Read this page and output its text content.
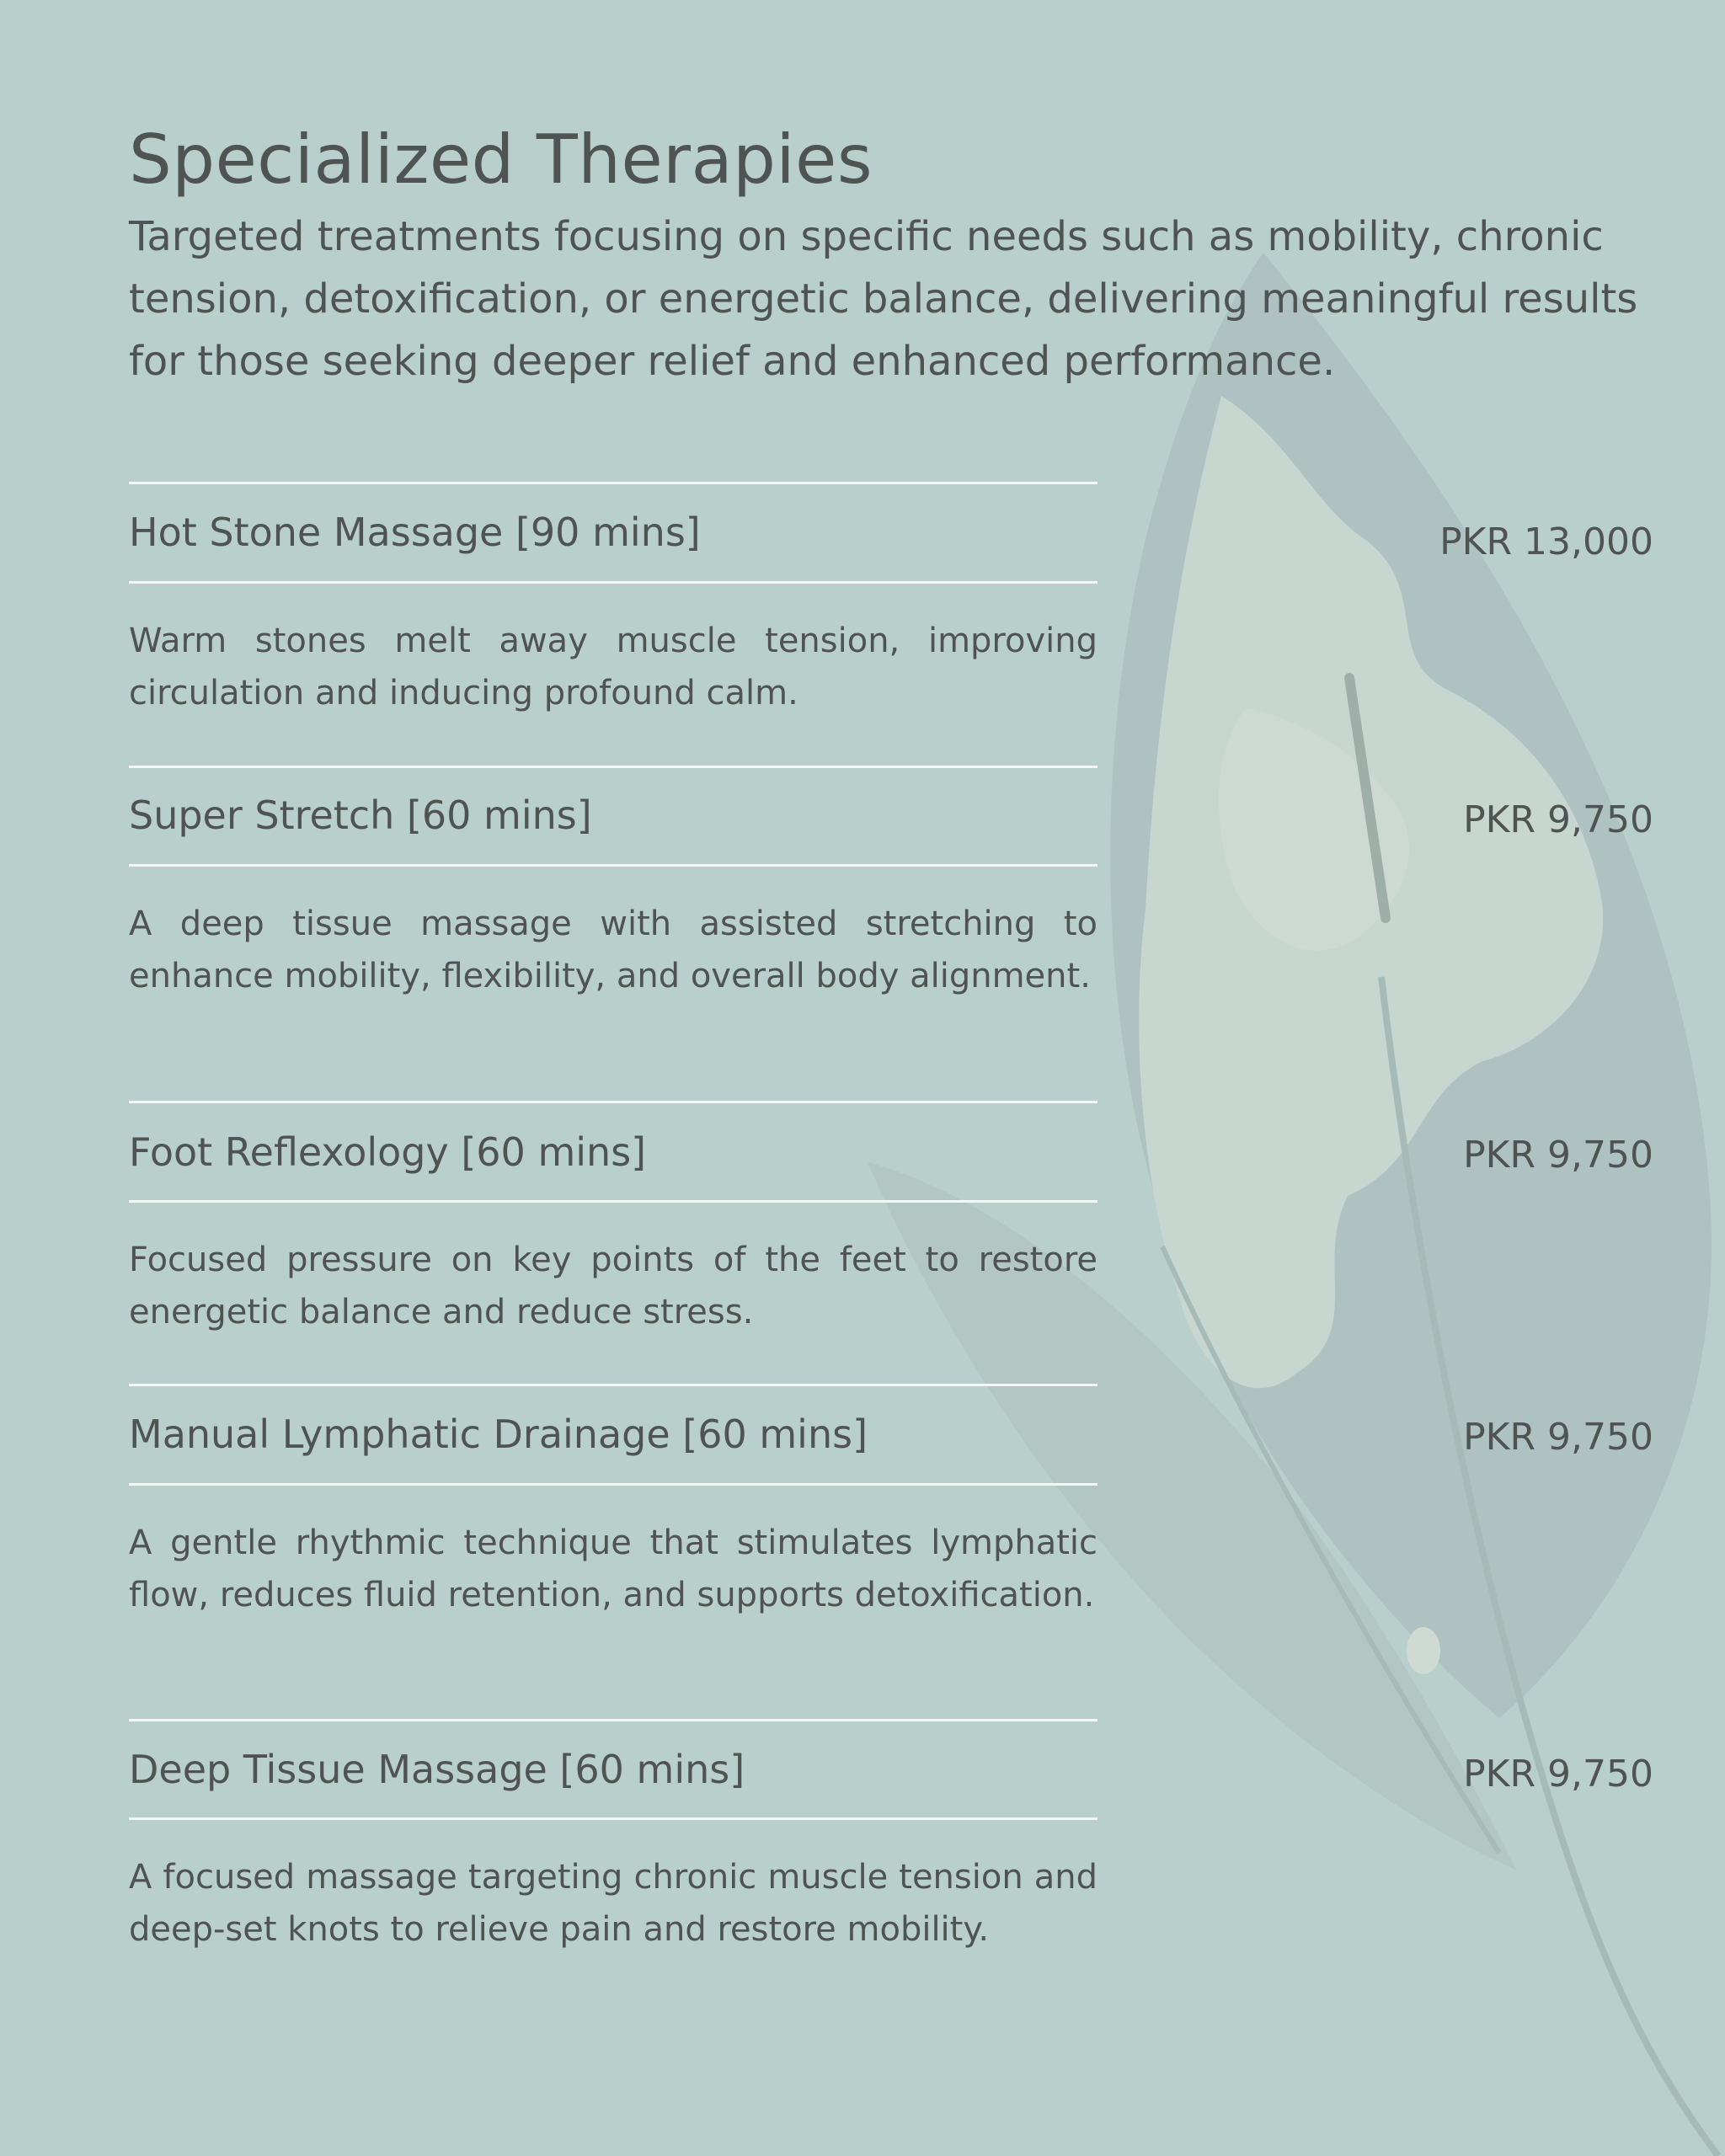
Specialized Therapies

Targeted treatments focusing on specific needs such as mobility, chronic tension, detoxification, or energetic balance, delivering meaningful results for those seeking deeper relief and enhanced performance.

Hot Stone Massage [90 mins]	PKR 13,000

Warm stones melt away muscle tension, improving circulation and inducing profound calm.

Super Stretch [60 mins]	PKR 9,750

A deep tissue massage with assisted stretching to enhance mobility, flexibility, and overall body alignment.

Foot Reflexology [60 mins]	PKR 9,750

Focused pressure on key points of the feet to restore energetic balance and reduce stress.

Manual Lymphatic Drainage [60 mins]	PKR 9,750

A gentle rhythmic technique that stimulates lymphatic flow, reduces fluid retention, and supports detoxification.

Deep Tissue Massage [60 mins]	PKR 9,750

A focused massage targeting chronic muscle tension and deep-set knots to relieve pain and restore mobility.
